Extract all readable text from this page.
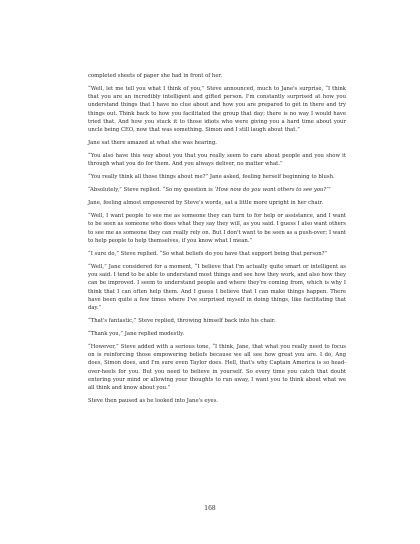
completed sheets of paper she had in front of her.

“Well, let me tell you what I think of you,” Steve announced, much to Jane's surprise, “I think that you are an incredibly intelligent and gifted person. I'm constantly surprised at how you understand things that I have no clue about and how you are prepared to get in there and try things out. Think back to how you facilitated the group that day; there is no way I would have tried that. And how you stuck it to those idiots who were giving you a hard time about your uncle being CEO, now that was something. Simon and I still laugh about that.”

Jane sat there amazed at what she was hearing.

“You also have this way about you that you really seem to care about people and you show it through what you do for them. And you always deliver, no matter what.”

“You really think all those things about me?” Jane asked, feeling herself beginning to blush.

“Absolutely,” Steve replied. “So my question is ‘How now do you want others to see you?’”

Jane, feeling almost empowered by Steve's words, sat a little more upright in her chair.

“Well, I want people to see me as someone they can turn to for help or assistance, and I want to be seen as someone who does what they say they will, as you said. I guess I also want others to see me as someone they can really rely on. But I don't want to be seen as a push-over; I want to help people to help themselves, if you know what I mean.”

“I sure do,” Steve replied. “So what beliefs do you have that support being that person?”

“Well,” Jane considered for a moment, “I believe that I'm actually quite smart or intelligent as you said. I tend to be able to understand most things and see how they work, and also how they can be improved. I seem to understand people and where they're coming from, which is why I think that I can often help them. And I guess I believe that I can make things happen. There have been quite a few times where I've surprised myself in doing things, like facilitating that day.”

“That's fantastic,” Steve replied, throwing himself back into his chair.

“Thank you,” Jane replied modestly.

“However,” Steve added with a serious tone, “I think, Jane, that what you really need to focus on is reinforcing those empowering beliefs because we all see how great you are. I do, Ang does, Simon does, and I'm sure even Taylor does. Hell, that's why Captain America is so head-over-heels for you. But you need to believe in yourself. So every time you catch that doubt entering your mind or allowing your thoughts to run away, I want you to think about what we all think and know about you.”

Steve then paused as he looked into Jane's eyes.

168
